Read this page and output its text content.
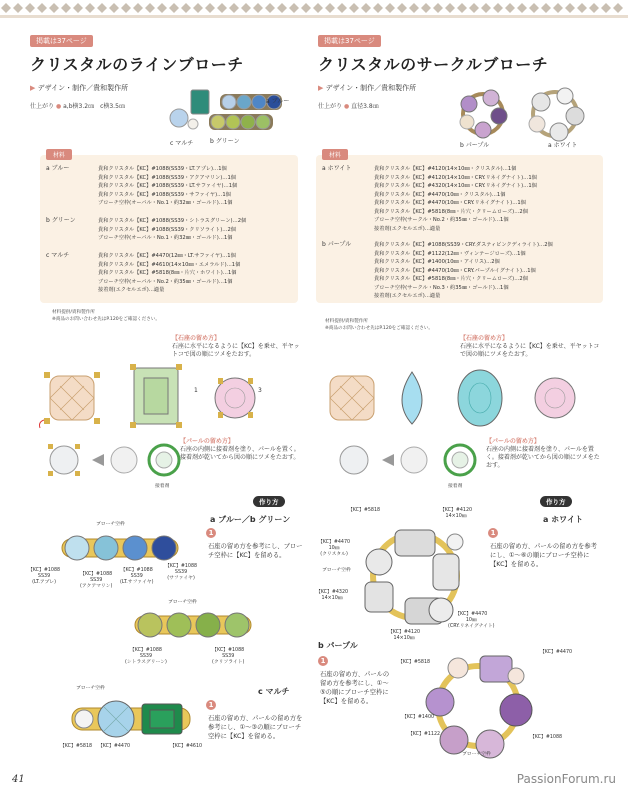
掲載は37ページ
クリスタルのラインブローチ
▶ デザイン・制作／貴和製作所
仕上がり ● a,b横3.2㎝　 c横3.5㎝
a ブルー
b グリーン
c マルチ
材料
a ブルー	貴和クリスタル【KC】#1088(SS39・LT.アプレ)…1個
貴和クリスタル【KC】#1088(SS39・アクアマリン)…1個
貴和クリスタル【KC】#1088(SS39・LT.サファイヤ)…1個
貴和クリスタル【KC】#1088(SS39・サファイヤ)…1個
ブローチ空枠(オーバル・No.1・約32㎜・ゴールド)…1個
b グリーン	貴和クリスタル【KC】#1088(SS39・シトラスグリーン)…2個
貴和クリスタル【KC】#1088(SS39・クリソライト)…2個
ブローチ空枠(オーバル・No.1・約32㎜・ゴールド)…1個
c マルチ	貴和クリスタル【KC】#4470(12㎜・LT.サファイヤ)…1個
貴和クリスタル【KC】#4610(14×10㎜・エメラルド)…1個
貴和クリスタル【KC】#5818(8㎜・片穴・ホワイト)…1個
ブローチ空枠(オーバル・No.2・約35㎜・ゴールド)…1個
接着剤(エクセルエポ)…適量
材料提供/貴和製作所
※商品のお問い合わせ先はP.120をご確認ください。
【石座の留め方】
石座に水平になるように【KC】を乗せ、平ヤットコで図の順にツメをたおす。
1	3
【パールの留め方】
石座の内側に接着剤を塗り、パールを置く。接着剤が乾いてから図の順にツメをたおす。
接着剤
作り方
a ブルー／b グリーン
ブローチ空枠
1
石座の留め方を参考にし、ブローチ空枠に【KC】を留める。
【KC】#1088
SS39
(LT.アプレ)
【KC】#1088
SS39
(アクアマリン)
【KC】#1088
SS39
(LT.サファイヤ)
【KC】#1088
SS39
(サファイヤ)
ブローチ空枠
【KC】#1088
SS39
(シトラスグリーン)
【KC】#1088
SS39
(クリソライト)
c マルチ
ブローチ空枠
1
石座の留め方、パールの留め方を参考にし、①〜③の順にブローチ空枠に【KC】を留める。
【KC】#5818 【KC】#4470	【KC】#4610
掲載は37ページ
クリスタルのサークルブローチ
▶ デザイン・制作／貴和製作所
仕上がり ● 直径3.8㎝
b パープル	a ホワイト
材料
a ホワイト	貴和クリスタル【KC】#4120(14×10㎜・クリスタル)…1個
貴和クリスタル【KC】#4120(14×10㎜・CRY.リネイグナイト)…1個
貴和クリスタル【KC】#4320(14×10㎜・CRY.リネイグナイト)…1個
貴和クリスタル【KC】#4470(10㎜・クリスタル)…1個
貴和クリスタル【KC】#4470(10㎜・CRY.リネイグナイト)…1個
貴和クリスタル【KC】#5818(8㎜・片穴・クリームローズ)…2個
ブローチ空枠(サークル・No.2・約35㎜・ゴールド)…1個
接着剤(エクセルエポ)…適量
b パープル	貴和クリスタル【KC】#1088(SS39・CRY.ダスティピンクディライト)…2個
貴和クリスタル【KC】#1122(12㎜・ヴィンテージローズ)…1個
貴和クリスタル【KC】#1400(10㎜・アイリス)…2個
貴和クリスタル【KC】#4470(10㎜・CRY.パープルイグナイト)…1個
貴和クリスタル【KC】#5818(8㎜・片穴・クリームローズ)…2個
ブローチ空枠(サークル・No.3・約35㎜・ゴールド)…1個
接着剤(エクセルエポ)…適量
材料提供/貴和製作所
※商品のお問い合わせ先はP.120をご確認ください。
【石座の留め方】
石座に水平になるように【KC】を乗せ、平ヤットコで図の順にツメをたおす。
【パールの留め方】
石座の内側に接着剤を塗り、パールを置く。接着剤が乾いてから図の順にツメをたおす。
接着剤
作り方
a ホワイト
1
石座の留め方、パールの留め方を参考にし、①〜⑥の順にブローチ空枠に【KC】を留める。
【KC】#5818	【KC】#4120
14×10㎜
【KC】#4470
10㎜
(クリスタル)
ブローチ空枠
【KC】#4320
14×10㎜
【KC】#4470
10㎜
(CRY.リネイグナイト)
【KC】#4120
14×10㎜
b パープル
1
石座の留め方、パールの留め方を参考にし、①〜⑤の順にブローチ空枠に【KC】を留める。
【KC】#5818
【KC】#4470
【KC】#1400
【KC】#1122
【KC】#1088
ブローチ空枠
41	PassionForum.ru
